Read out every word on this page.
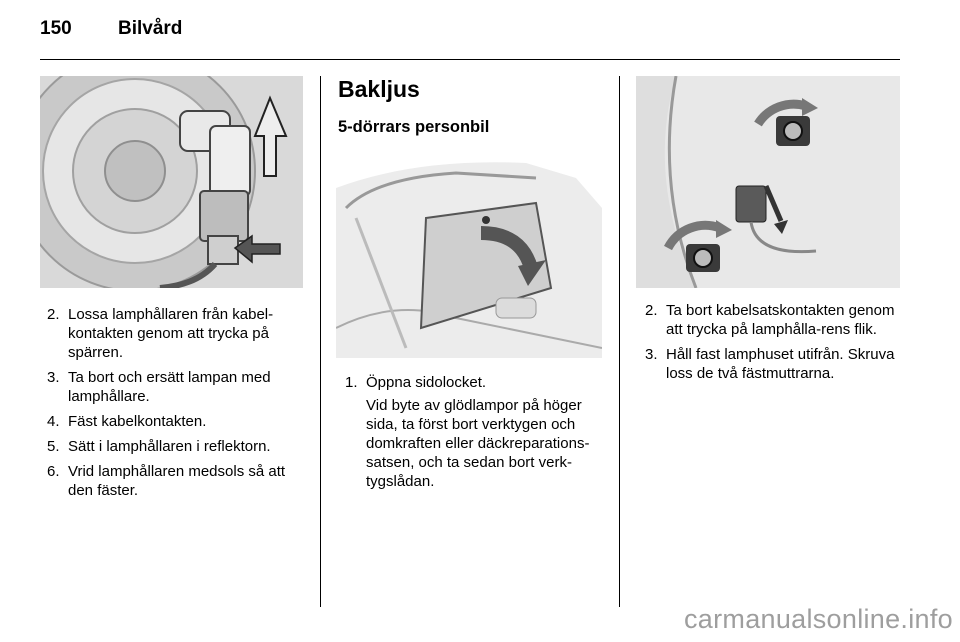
150	Bilvård
Bakljus
5-dörrars personbil
2. Lossa lamphållaren från kabel-kontakten genom att trycka på spärren.
3. Ta bort och ersätt lampan med lamphållare.
4. Fäst kabelkontakten.
5. Sätt i lamphållaren i reflektorn.
6. Vrid lamphållaren medsols så att den fäster.
1. Öppna sidolocket.

Vid byte av glödlampor på höger sida, ta först bort verktygen och domkraften eller däckreparations-satsen, och ta sedan bort verk-tygslådan.

2. Ta bort kabelsatskontakten genom att trycka på lamphålla-rens flik.
3. Håll fast lamphuset utifrån. Skruva loss de två fästmuttrarna.
carmanualsonline.info
